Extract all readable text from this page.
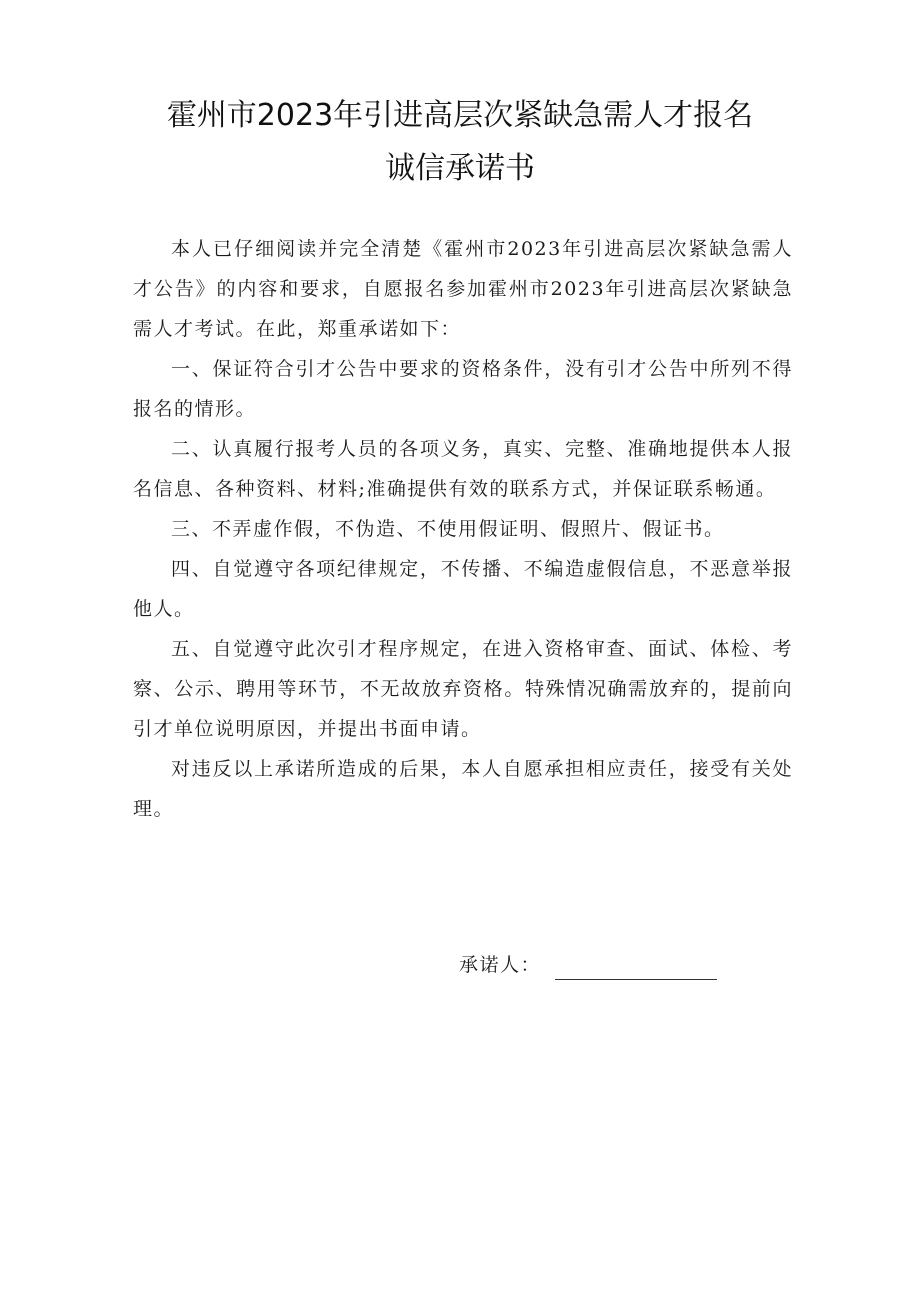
霍州市2023年引进高层次紧缺急需人才报名
诚信承诺书

本人已仔细阅读并完全清楚《霍州市2023年引进高层次紧缺急需人才公告》的内容和要求，自愿报名参加霍州市2023年引进高层次紧缺急需人才考试。在此，郑重承诺如下：

一、保证符合引才公告中要求的资格条件，没有引才公告中所列不得报名的情形。

二、认真履行报考人员的各项义务，真实、完整、准确地提供本人报名信息、各种资料、材料;准确提供有效的联系方式，并保证联系畅通。

三、不弄虚作假，不伪造、不使用假证明、假照片、假证书。

四、自觉遵守各项纪律规定，不传播、不编造虚假信息，不恶意举报他人。

五、自觉遵守此次引才程序规定，在进入资格审查、面试、体检、考察、公示、聘用等环节，不无故放弃资格。特殊情况确需放弃的，提前向引才单位说明原因，并提出书面申请。

对违反以上承诺所造成的后果，本人自愿承担相应责任，接受有关处理。

承诺人：
